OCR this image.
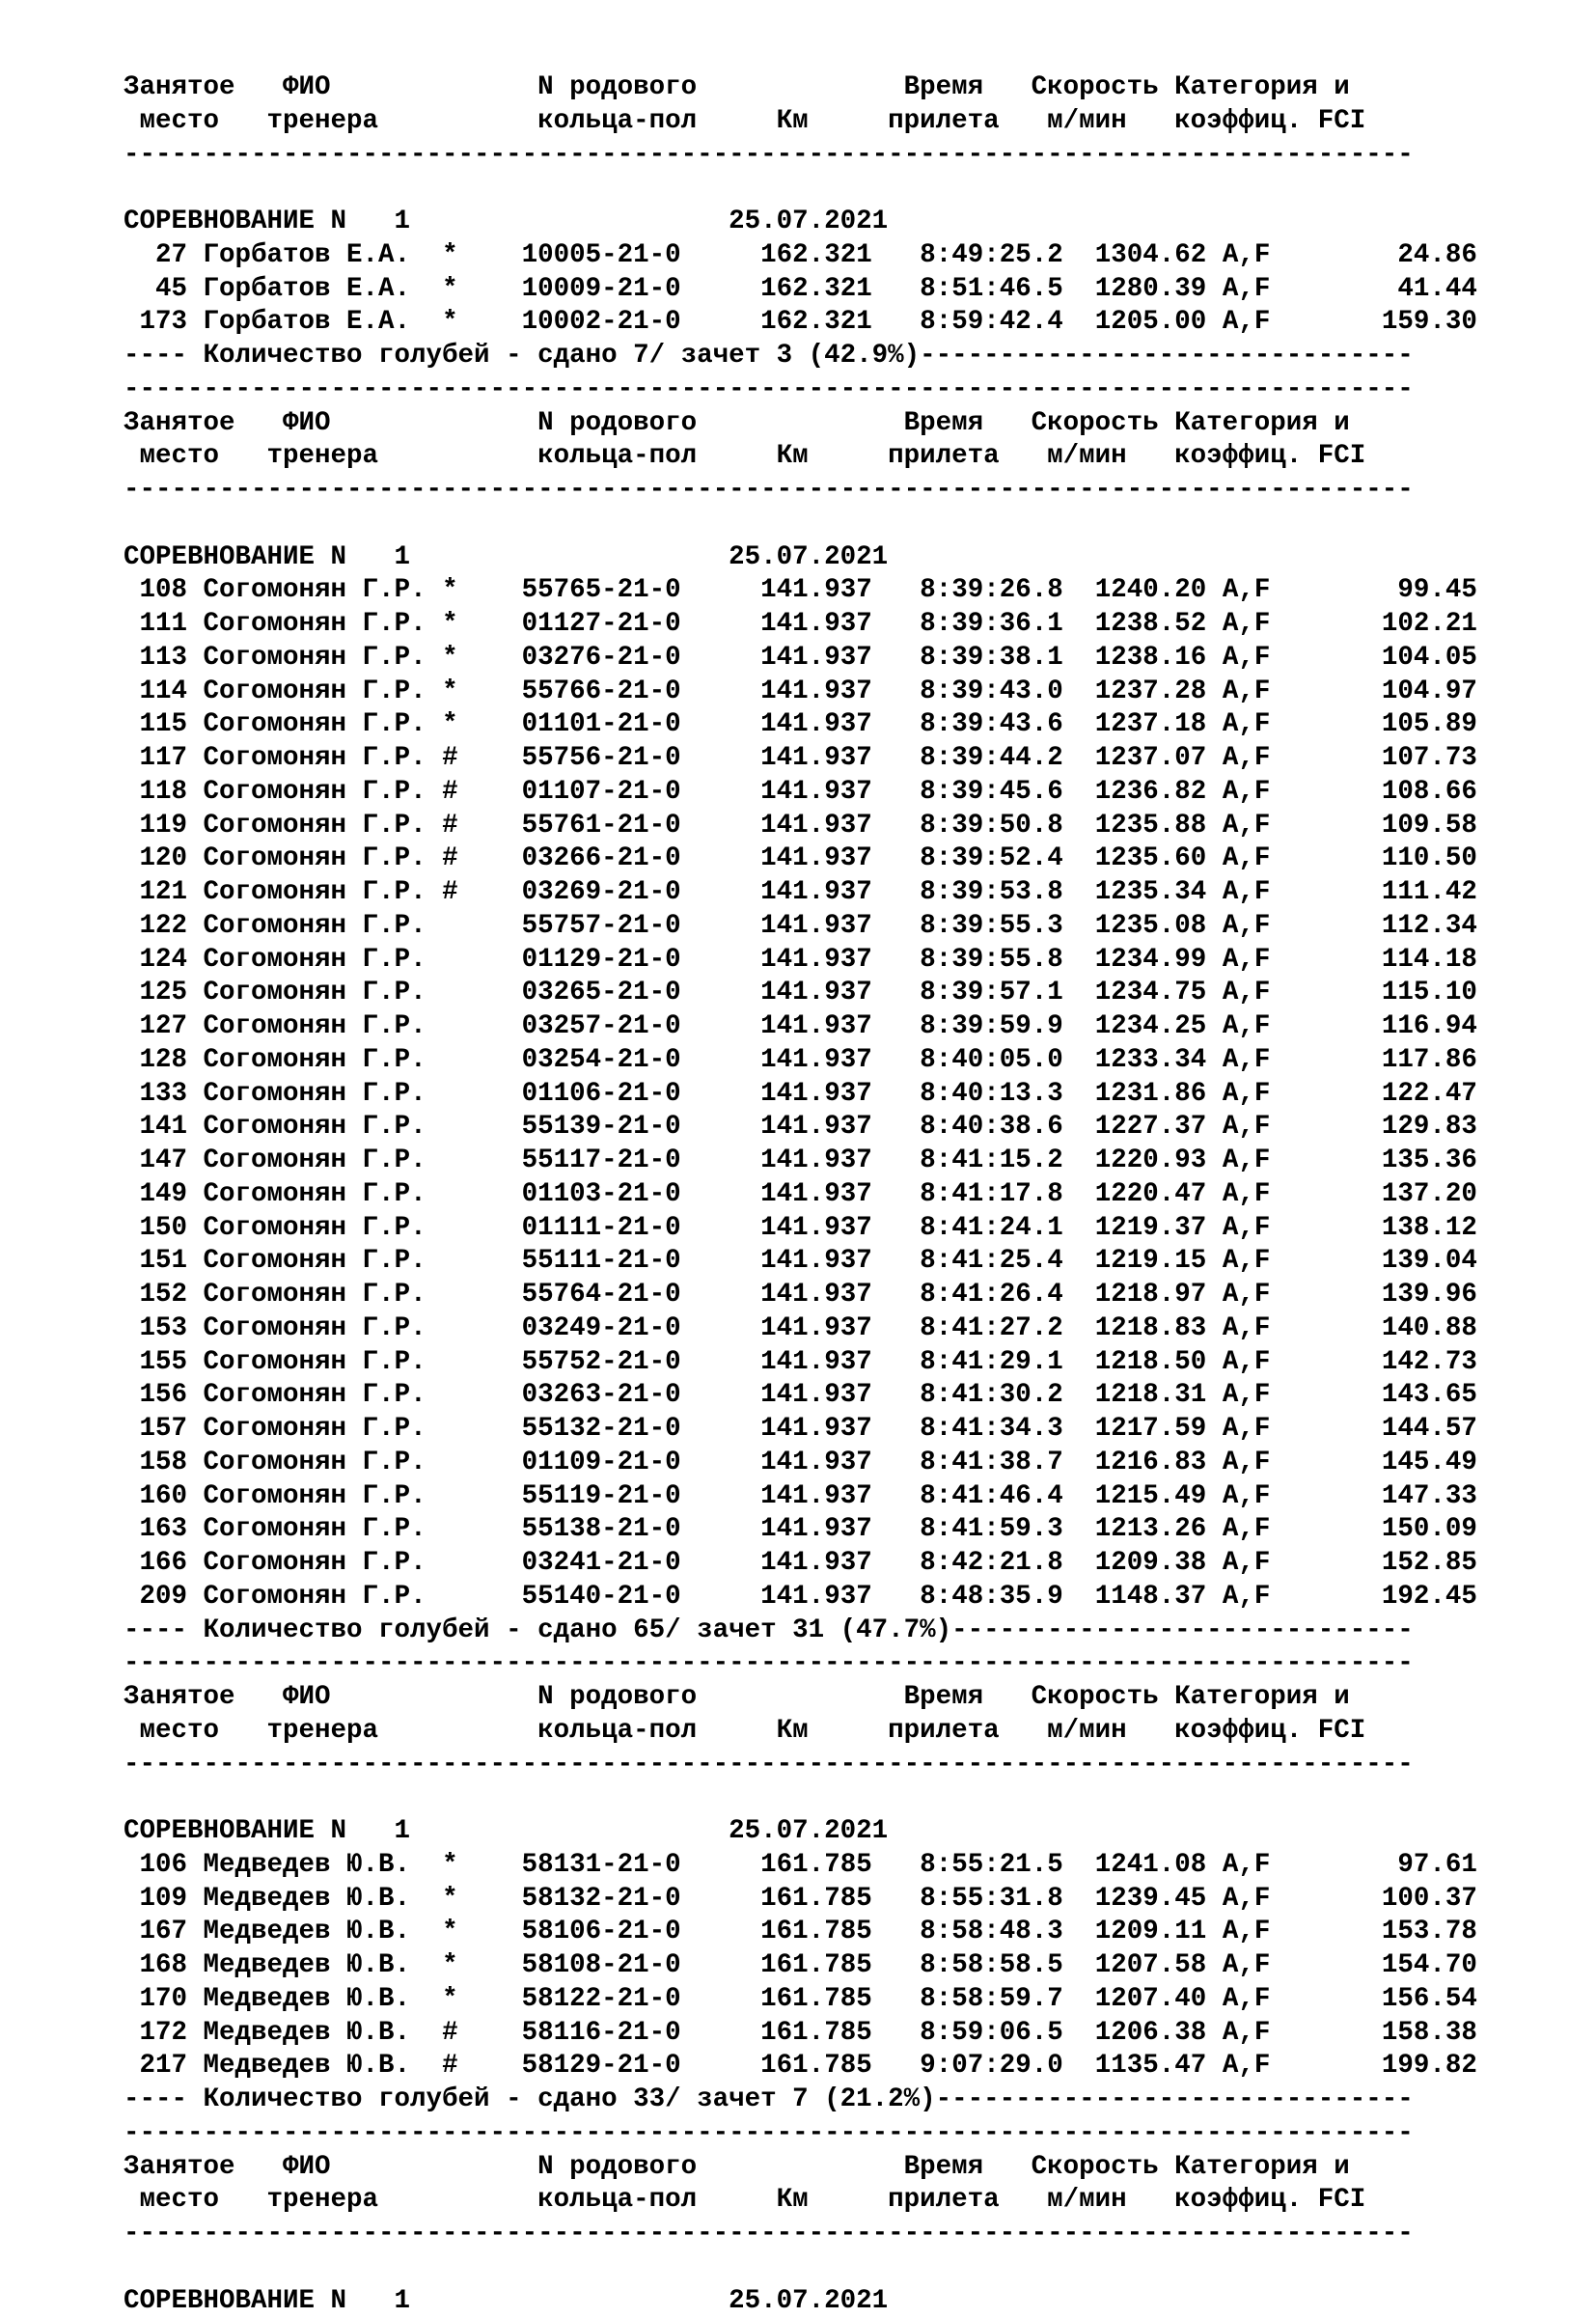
Занятое   ФИО             N родового             Время   Скорость Категория и
место   тренера          кольца-пол     Км     прилета   м/мин   коэффиц. FCI
---------------------------------------------------------------------------------
СОРЕВНОВАНИЕ N   1	25.07.2021
27 Горбатов Е.А.  *    10005-21-0     162.321   8:49:25.2  1304.62 A,F        24.86
45 Горбатов Е.А.  *    10009-21-0     162.321   8:51:46.5  1280.39 A,F        41.44
173 Горбатов Е.А.  *    10002-21-0     162.321   8:59:42.4  1205.00 A,F       159.30
---- Количество голубей - сдано 7/ зачет 3 (42.9%)-------------------------------
---------------------------------------------------------------------------------
Занятое   ФИО             N родового             Время   Скорость Категория и
место   тренера          кольца-пол     Км     прилета   м/мин   коэффиц. FCI
---------------------------------------------------------------------------------
СОРЕВНОВАНИЕ N   1	25.07.2021
108 Согомонян Г.Р. *    55765-21-0     141.937   8:39:26.8  1240.20 A,F        99.45
111 Согомонян Г.Р. *    01127-21-0     141.937   8:39:36.1  1238.52 A,F       102.21
113 Согомонян Г.Р. *    03276-21-0     141.937   8:39:38.1  1238.16 A,F       104.05
114 Согомонян Г.Р. *    55766-21-0     141.937   8:39:43.0  1237.28 A,F       104.97
115 Согомонян Г.Р. *    01101-21-0     141.937   8:39:43.6  1237.18 A,F       105.89
117 Согомонян Г.Р. #    55756-21-0     141.937   8:39:44.2  1237.07 A,F       107.73
118 Согомонян Г.Р. #    01107-21-0     141.937   8:39:45.6  1236.82 A,F       108.66
119 Согомонян Г.Р. #    55761-21-0     141.937   8:39:50.8  1235.88 A,F       109.58
120 Согомонян Г.Р. #    03266-21-0     141.937   8:39:52.4  1235.60 A,F       110.50
121 Согомонян Г.Р. #    03269-21-0     141.937   8:39:53.8  1235.34 A,F       111.42
122 Согомонян Г.Р.	55757-21-0     141.937   8:39:55.3  1235.08 A,F       112.34
124 Согомонян Г.Р.	01129-21-0     141.937   8:39:55.8  1234.99 A,F       114.18
125 Согомонян Г.Р.	03265-21-0     141.937   8:39:57.1  1234.75 A,F       115.10
127 Согомонян Г.Р.	03257-21-0     141.937   8:39:59.9  1234.25 A,F       116.94
128 Согомонян Г.Р.	03254-21-0     141.937   8:40:05.0  1233.34 A,F       117.86
133 Согомонян Г.Р.	01106-21-0     141.937   8:40:13.3  1231.86 A,F       122.47
141 Согомонян Г.Р.	55139-21-0     141.937   8:40:38.6  1227.37 A,F       129.83
147 Согомонян Г.Р.	55117-21-0     141.937   8:41:15.2  1220.93 A,F       135.36
149 Согомонян Г.Р.	01103-21-0     141.937   8:41:17.8  1220.47 A,F       137.20
150 Согомонян Г.Р.	01111-21-0     141.937   8:41:24.1  1219.37 A,F       138.12
151 Согомонян Г.Р.	55111-21-0     141.937   8:41:25.4  1219.15 A,F       139.04
152 Согомонян Г.Р.	55764-21-0     141.937   8:41:26.4  1218.97 A,F       139.96
153 Согомонян Г.Р.	03249-21-0     141.937   8:41:27.2  1218.83 A,F       140.88
155 Согомонян Г.Р.	55752-21-0     141.937   8:41:29.1  1218.50 A,F       142.73
156 Согомонян Г.Р.	03263-21-0     141.937   8:41:30.2  1218.31 A,F       143.65
157 Согомонян Г.Р.	55132-21-0     141.937   8:41:34.3  1217.59 A,F       144.57
158 Согомонян Г.Р.	01109-21-0     141.937   8:41:38.7  1216.83 A,F       145.49
160 Согомонян Г.Р.	55119-21-0     141.937   8:41:46.4  1215.49 A,F       147.33
163 Согомонян Г.Р.	55138-21-0     141.937   8:41:59.3  1213.26 A,F       150.09
166 Согомонян Г.Р.	03241-21-0     141.937   8:42:21.8  1209.38 A,F       152.85
209 Согомонян Г.Р.	55140-21-0     141.937   8:48:35.9  1148.37 A,F       192.45
---- Количество голубей - сдано 65/ зачет 31 (47.7%)-----------------------------
---------------------------------------------------------------------------------
Занятое   ФИО             N родового             Время   Скорость Категория и
место   тренера          кольца-пол     Км     прилета   м/мин   коэффиц. FCI
---------------------------------------------------------------------------------
СОРЕВНОВАНИЕ N   1	25.07.2021
106 Медведев Ю.В.  *    58131-21-0     161.785   8:55:21.5  1241.08 A,F        97.61
109 Медведев Ю.В.  *    58132-21-0     161.785   8:55:31.8  1239.45 A,F       100.37
167 Медведев Ю.В.  *    58106-21-0     161.785   8:58:48.3  1209.11 A,F       153.78
168 Медведев Ю.В.  *    58108-21-0     161.785   8:58:58.5  1207.58 A,F       154.70
170 Медведев Ю.В.  *    58122-21-0     161.785   8:58:59.7  1207.40 A,F       156.54
172 Медведев Ю.В.  #    58116-21-0     161.785   8:59:06.5  1206.38 A,F       158.38
217 Медведев Ю.В.  #    58129-21-0     161.785   9:07:29.0  1135.47 A,F       199.82
---- Количество голубей - сдано 33/ зачет 7 (21.2%)------------------------------
---------------------------------------------------------------------------------
Занятое   ФИО             N родового             Время   Скорость Категория и
место   тренера          кольца-пол     Км     прилета   м/мин   коэффиц. FCI
---------------------------------------------------------------------------------
СОРЕВНОВАНИЕ N   1	25.07.2021
